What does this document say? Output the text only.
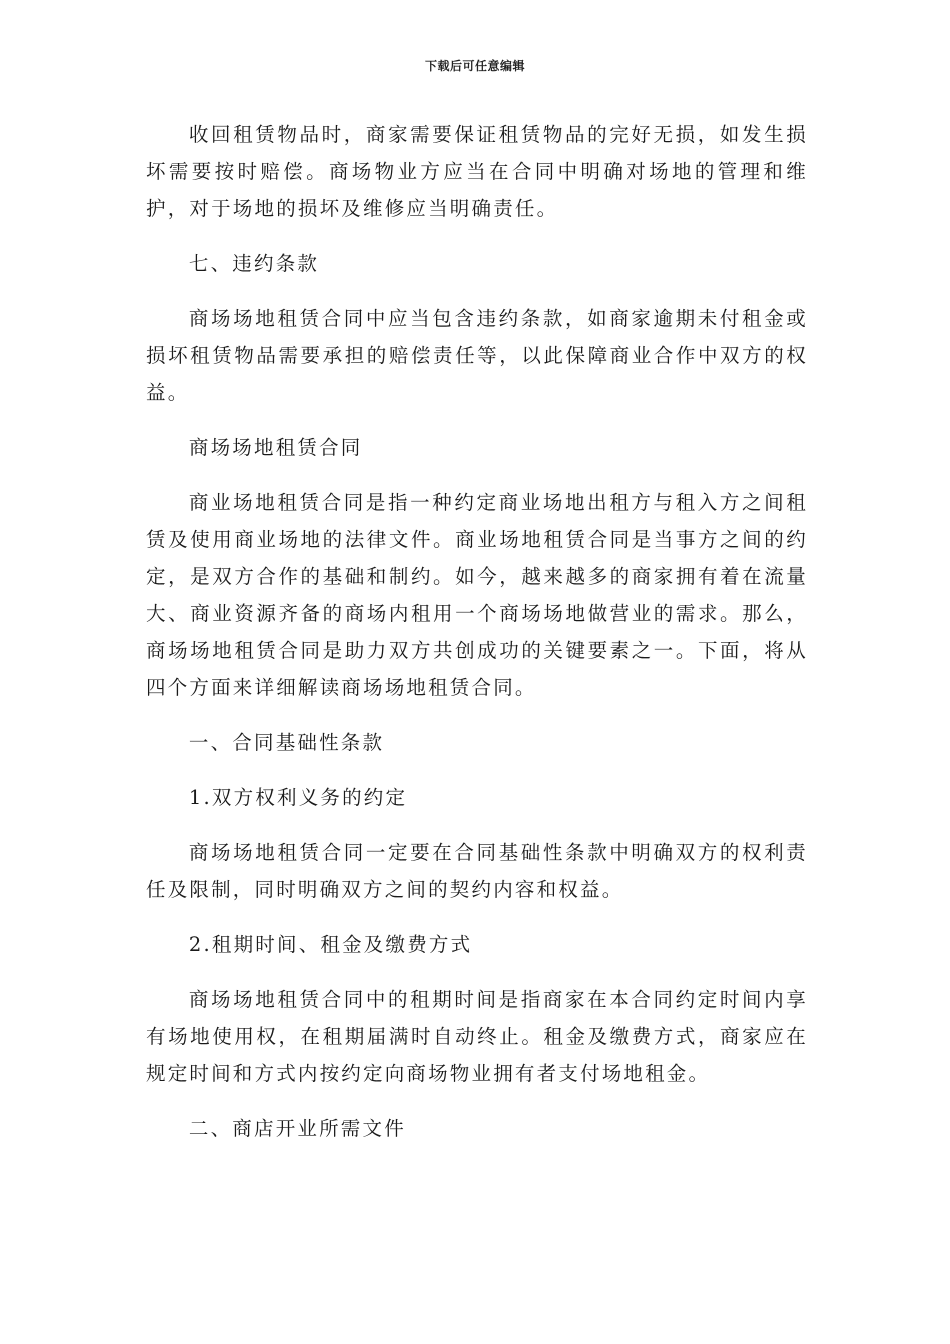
下载后可任意编辑

收回租赁物品时，商家需要保证租赁物品的完好无损，如发生损坏需要按时赔偿。商场物业方应当在合同中明确对场地的管理和维护，对于场地的损坏及维修应当明确责任。

七、违约条款

商场场地租赁合同中应当包含违约条款，如商家逾期未付租金或损坏租赁物品需要承担的赔偿责任等，以此保障商业合作中双方的权益。

商场场地租赁合同

商业场地租赁合同是指一种约定商业场地出租方与租入方之间租赁及使用商业场地的法律文件。商业场地租赁合同是当事方之间的约定，是双方合作的基础和制约。如今，越来越多的商家拥有着在流量大、商业资源齐备的商场内租用一个商场场地做营业的需求。那么，商场场地租赁合同是助力双方共创成功的关键要素之一。下面，将从四个方面来详细解读商场场地租赁合同。

一、合同基础性条款

1.双方权利义务的约定

商场场地租赁合同一定要在合同基础性条款中明确双方的权利责任及限制，同时明确双方之间的契约内容和权益。

2.租期时间、租金及缴费方式

商场场地租赁合同中的租期时间是指商家在本合同约定时间内享有场地使用权，在租期届满时自动终止。租金及缴费方式，商家应在规定时间和方式内按约定向商场物业拥有者支付场地租金。

二、商店开业所需文件
